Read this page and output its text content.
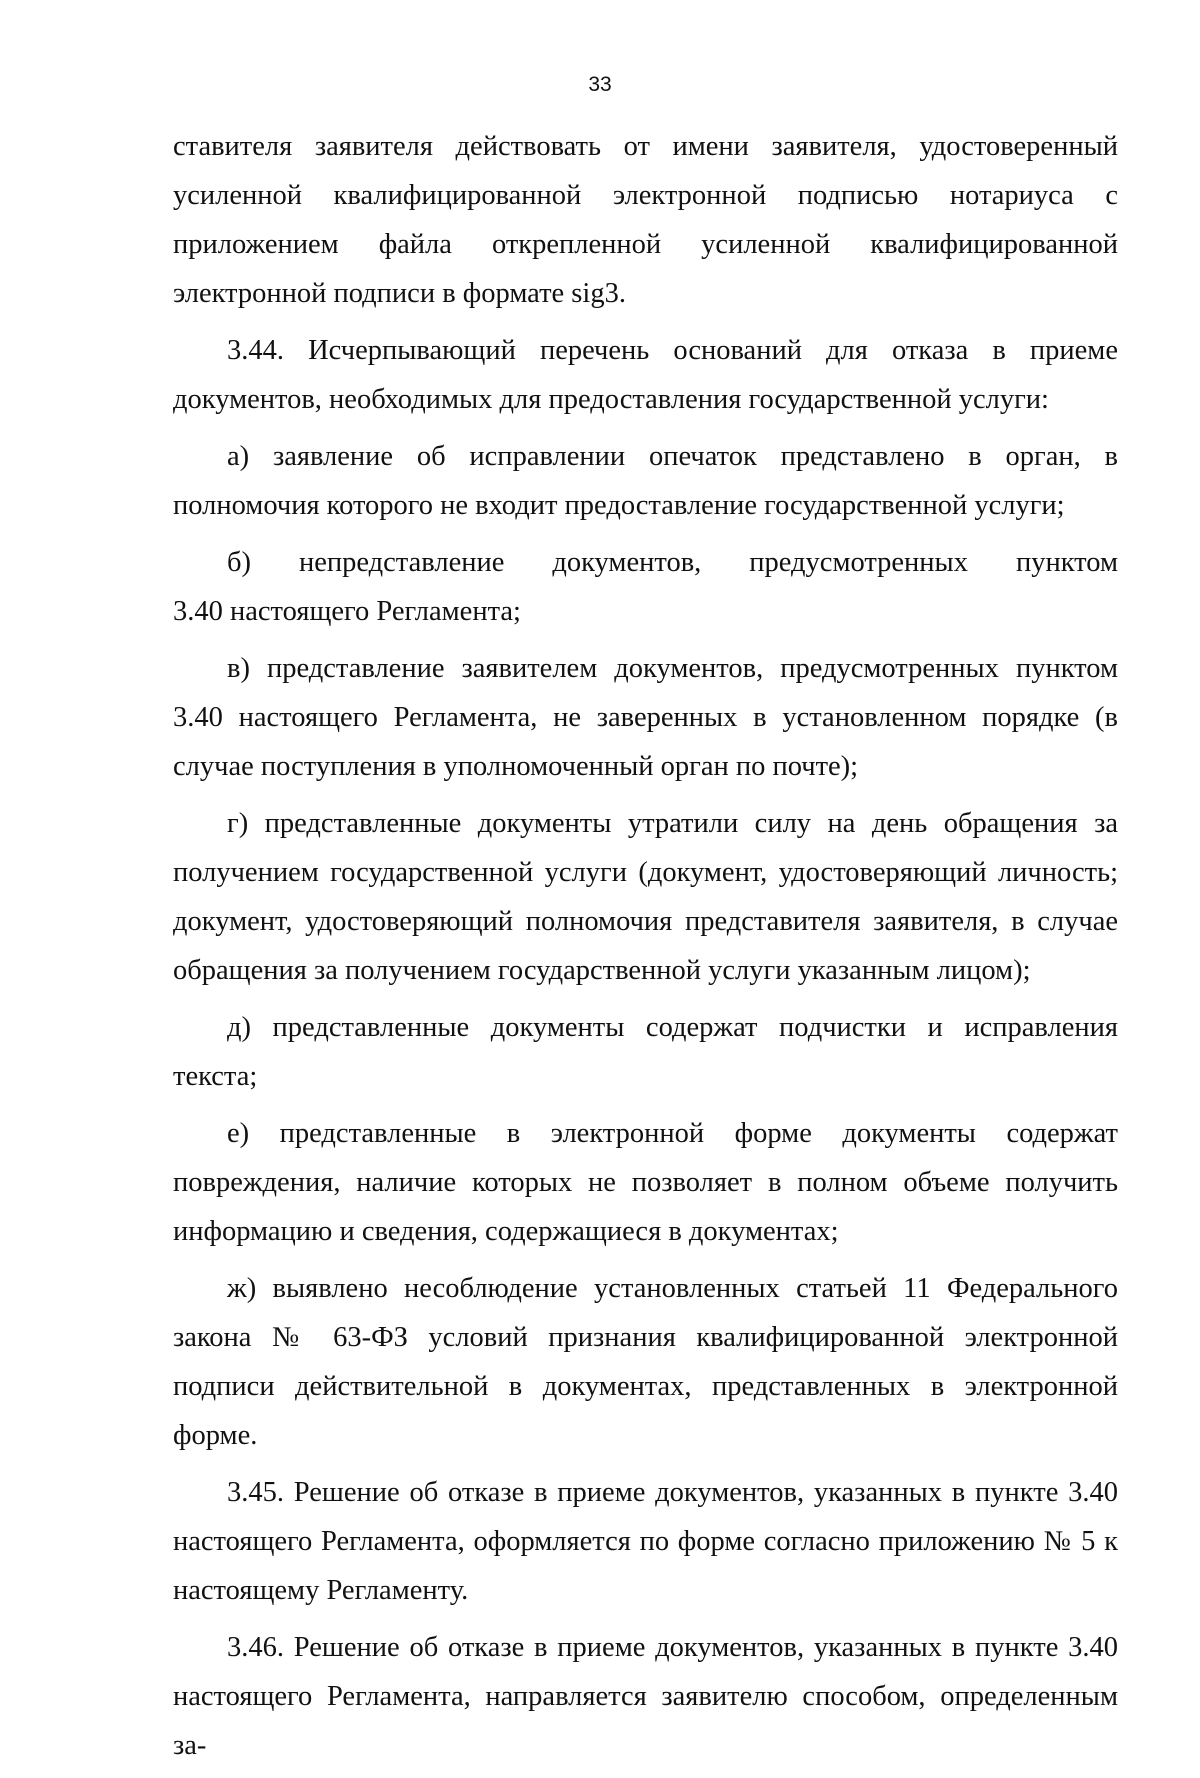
33

ставителя заявителя действовать от имени заявителя, удостоверенный усиленной квалифицированной электронной подписью нотариуса с приложением файла открепленной усиленной квалифицированной электронной подписи в формате sig3.

3.44. Исчерпывающий перечень оснований для отказа в приеме документов, необходимых для предоставления государственной услуги:

а) заявление об исправлении опечаток представлено в орган, в полномочия которого не входит предоставление государственной услуги;

б) непредставление документов, предусмотренных пунктом

3.40 настоящего Регламента;

в) представление заявителем документов, предусмотренных пунктом 3.40 настоящего Регламента, не заверенных в установленном порядке (в случае поступления в уполномоченный орган по почте);

г) представленные документы утратили силу на день обращения за получением государственной услуги (документ, удостоверяющий личность; документ, удостоверяющий полномочия представителя заявителя, в случае обращения за получением государственной услуги указанным лицом);

д) представленные документы содержат подчистки и исправления текста;

е) представленные в электронной форме документы содержат повреждения, наличие которых не позволяет в полном объеме получить информацию и сведения, содержащиеся в документах;

ж) выявлено несоблюдение установленных статьей 11 Федерального закона № 63-ФЗ условий признания квалифицированной электронной подписи действительной в документах, представленных в электронной форме.

3.45. Решение об отказе в приеме документов, указанных в пункте 3.40 настоящего Регламента, оформляется по форме согласно приложению № 5 к настоящему Регламенту.

3.46. Решение об отказе в приеме документов, указанных в пункте 3.40 настоящего Регламента, направляется заявителю способом, определенным за-
